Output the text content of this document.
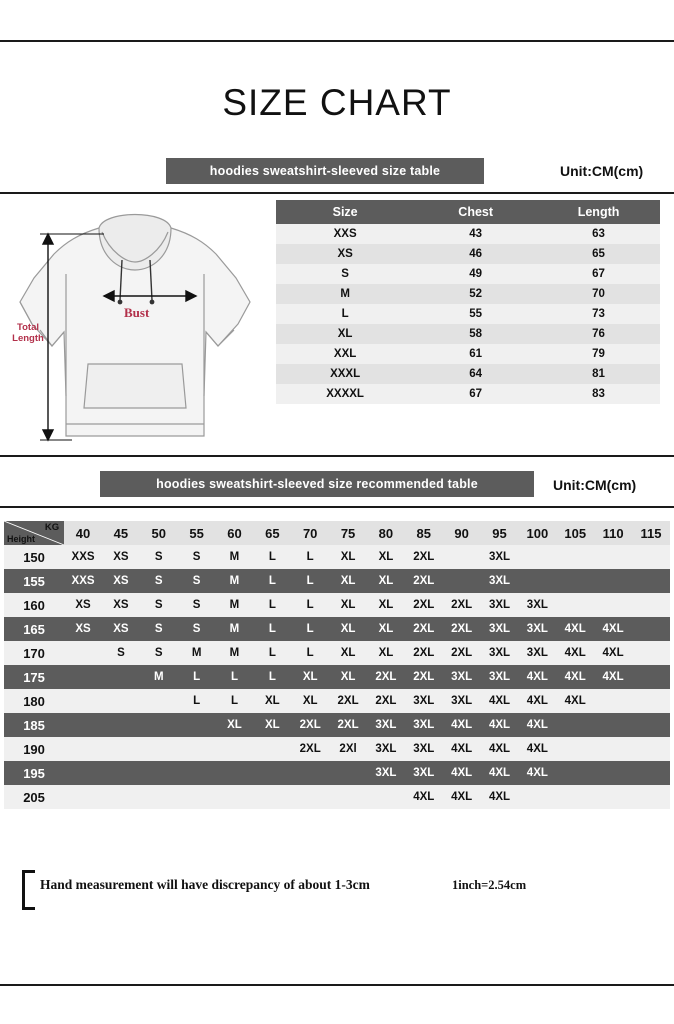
SIZE CHART
hoodies sweatshirt-sleeved size table	Unit:CM(cm)
Bust
Total
Length
Size	Chest	Length
XXS	43	63
XS	46	65
S	49	67
M	52	70
L	55	73
XL	58	76
XXL	61	79
XXXL	64	81
XXXXL	67	83
hoodies sweatshirt-sleeved size recommended table	Unit:CM(cm)
KG
Height	40	45	50	55	60	65	70	75	80	85	90	95	100	105	110	115
150	XXS	XS	S	S	M	L	L	XL	XL	2XL		3XL				
155	XXS	XS	S	S	M	L	L	XL	XL	2XL		3XL				
160	XS	XS	S	S	M	L	L	XL	XL	2XL	2XL	3XL	3XL			
165	XS	XS	S	S	M	L	L	XL	XL	2XL	2XL	3XL	3XL	4XL	4XL	
170		S	S	M	M	L	L	XL	XL	2XL	2XL	3XL	3XL	4XL	4XL	
175			M	L	L	L	XL	XL	2XL	2XL	3XL	3XL	4XL	4XL	4XL	
180				L	L	XL	XL	2XL	2XL	3XL	3XL	4XL	4XL	4XL		
185					XL	XL	2XL	2XL	3XL	3XL	4XL	4XL	4XL			
190							2XL	2Xl	3XL	3XL	4XL	4XL	4XL			
195									3XL	3XL	4XL	4XL	4XL			
205										4XL	4XL	4XL				
Hand measurement will have discrepancy of about 1-3cm	1inch=2.54cm
